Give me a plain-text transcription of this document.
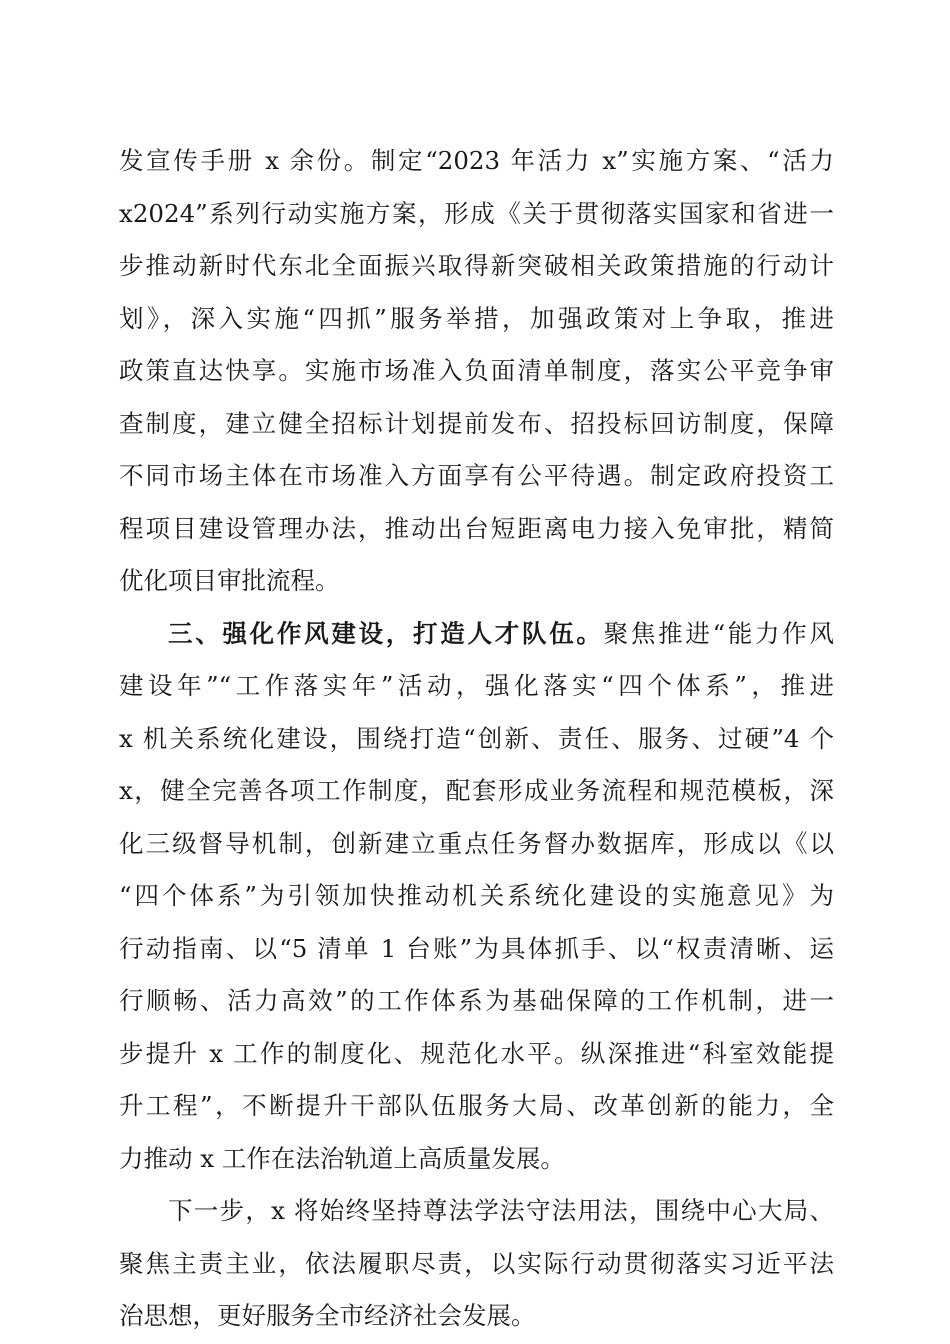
发宣传手册 x 余份。制定“2023 年活力 x”实施方案、“活力
x2024”系列行动实施方案，形成《关于贯彻落实国家和省进一
步推动新时代东北全面振兴取得新突破相关政策措施的行动计
划》，深入实施“四抓”服务举措，加强政策对上争取，推进
政策直达快享。实施市场准入负面清单制度，落实公平竞争审
查制度，建立健全招标计划提前发布、招投标回访制度，保障
不同市场主体在市场准入方面享有公平待遇。制定政府投资工
程项目建设管理办法，推动出台短距离电力接入免审批，精简
优化项目审批流程。
三、强化作风建设，打造人才队伍。聚焦推进“能力作风
建设年”“工作落实年”活动，强化落实“四个体系”，推进
x 机关系统化建设，围绕打造“创新、责任、服务、过硬”4 个
x，健全完善各项工作制度，配套形成业务流程和规范模板，深
化三级督导机制，创新建立重点任务督办数据库，形成以《以
“四个体系”为引领加快推动机关系统化建设的实施意见》为
行动指南、以“5 清单 1 台账”为具体抓手、以“权责清晰、运
行顺畅、活力高效”的工作体系为基础保障的工作机制，进一
步提升 x 工作的制度化、规范化水平。纵深推进“科室效能提
升工程”，不断提升干部队伍服务大局、改革创新的能力，全
力推动 x 工作在法治轨道上高质量发展。
下一步，x 将始终坚持尊法学法守法用法，围绕中心大局、
聚焦主责主业，依法履职尽责，以实际行动贯彻落实习近平法
治思想，更好服务全市经济社会发展。
